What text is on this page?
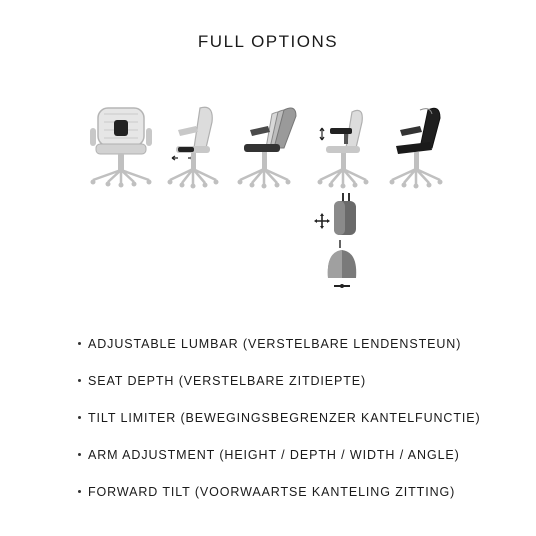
FULL OPTIONS
ADJUSTABLE LUMBAR (VERSTELBARE LENDENSTEUN)
SEAT DEPTH (VERSTELBARE ZITDIEPTE)
TILT LIMITER (BEWEGINGSBEGRENZER KANTELFUNCTIE)
ARM ADJUSTMENT (HEIGHT / DEPTH / WIDTH / ANGLE)
FORWARD TILT (VOORWAARTSE KANTELING ZITTING)
